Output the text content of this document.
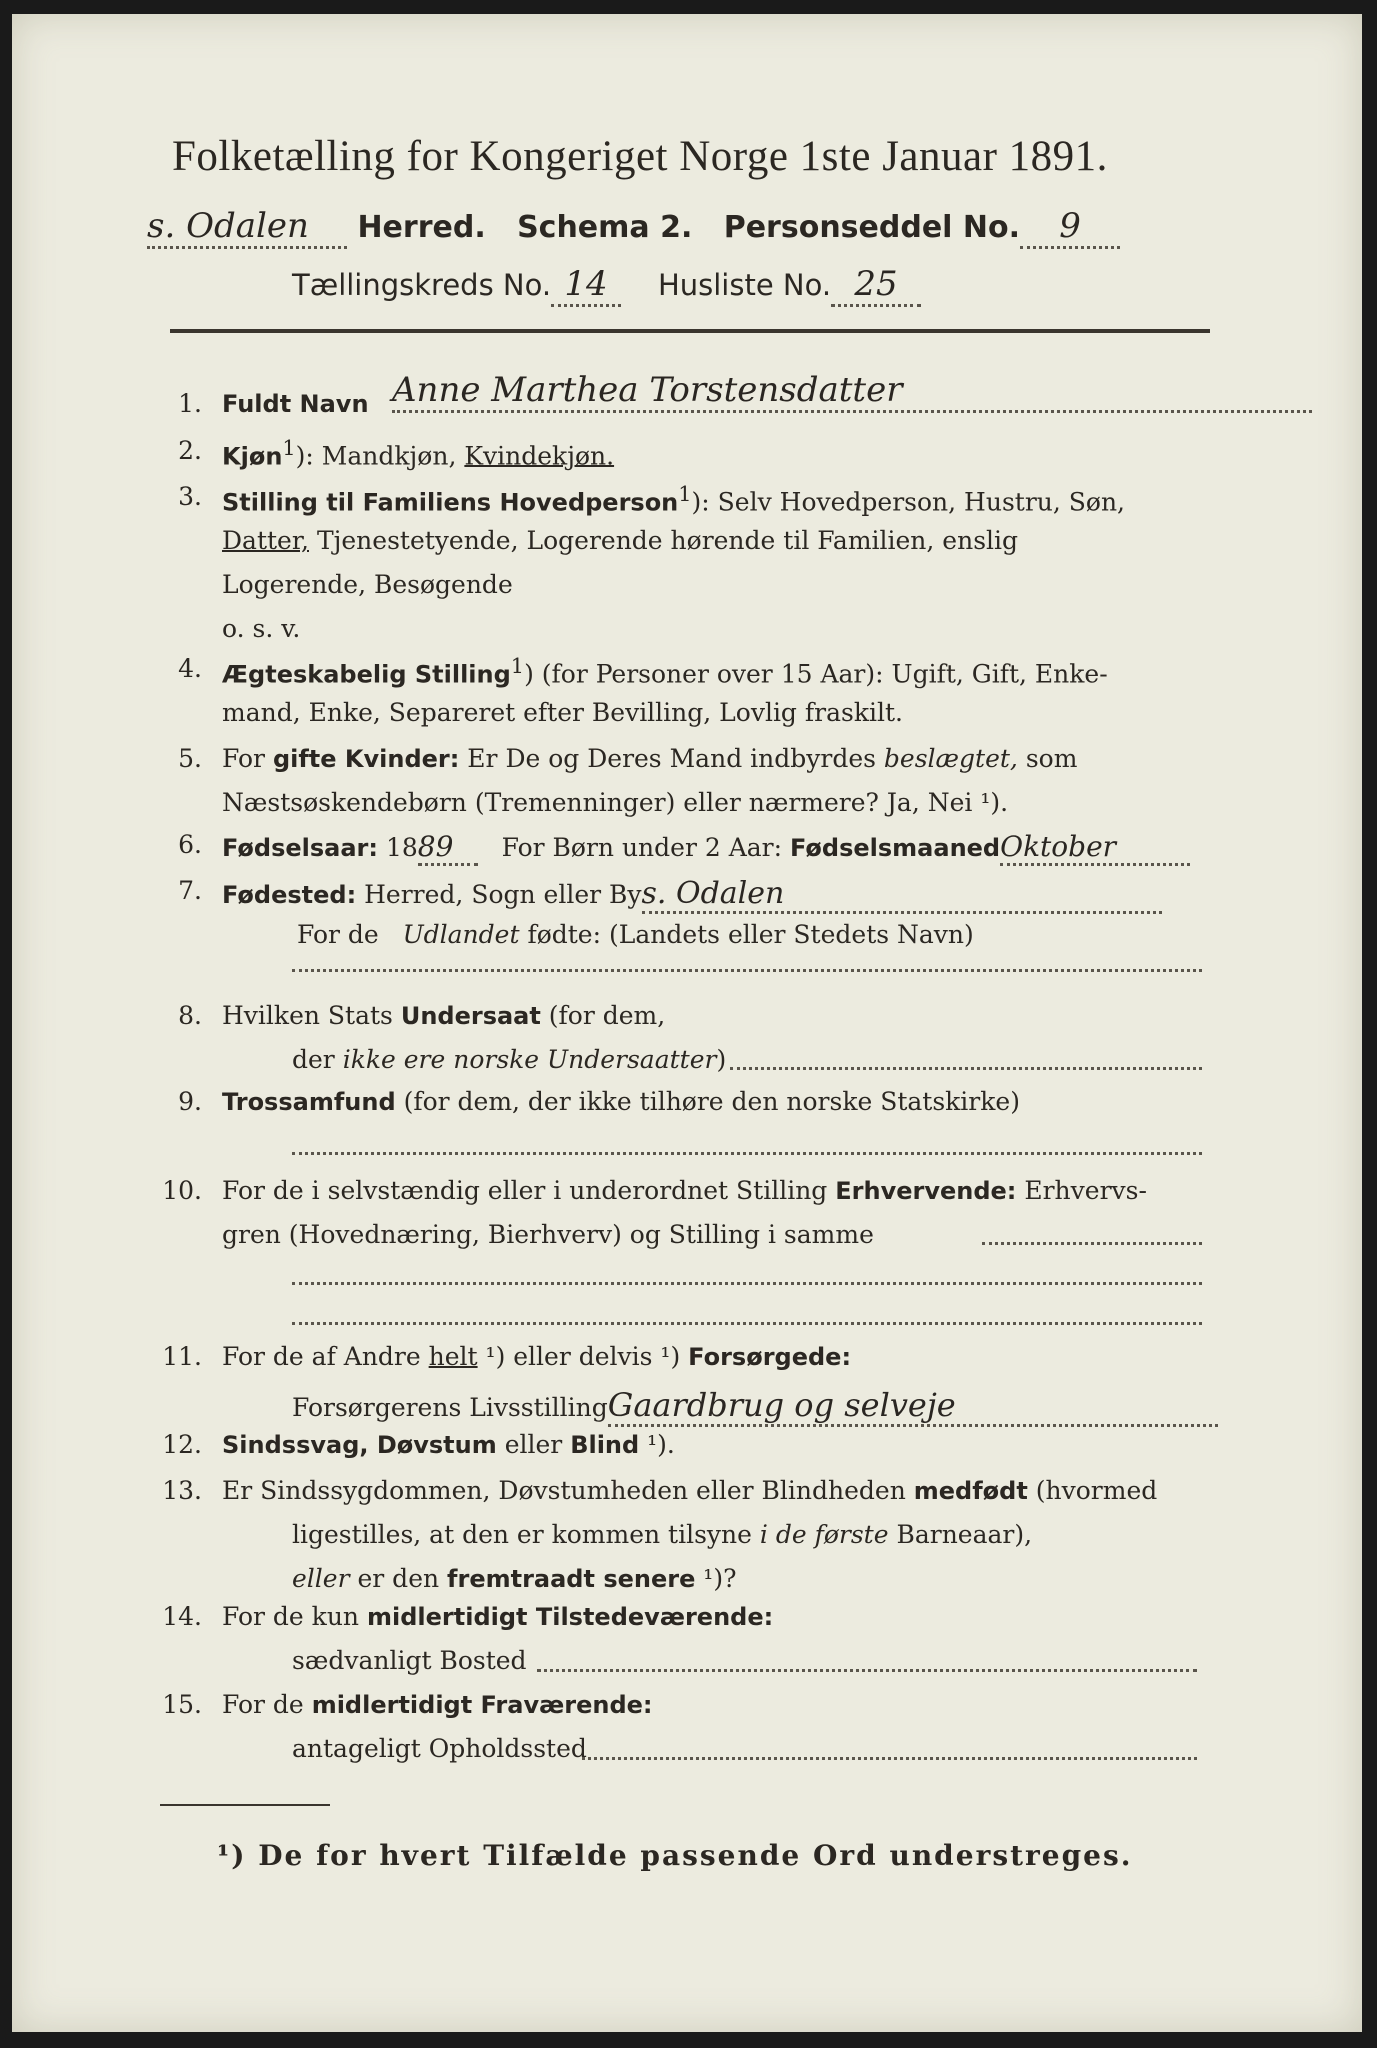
Folketælling for Kongeriget Norge 1ste Januar 1891.
s. Odalen Herred. Schema 2. Personseddel No. 9
Tællingskreds No. 14 Husliste No. 25
1. Fuldt Navn Anne Marthea Torstensdatter
2. Kjøn$^1$): Mandkjøn, Kvindekjøn.
3. Stilling til Familiens Hovedperson$^1$): Selv Hovedperson, Hustru, Søn,
Datter, Tjenestetyende, Logerende hørende til Familien, enslig
Logerende, Besøgende
o. s. v.
4. Ægteskabelig Stilling$^1$) (for Personer over 15 Aar): Ugift, Gift, Enke-
mand, Enke, Separeret efter Bevilling, Lovlig fraskilt.
5. For gifte Kvinder: Er De og Deres Mand indbyrdes beslægtet, som
Næstsøskendebørn (Tremenninger) eller nærmere? Ja, Nei ¹).
6. Fødselsaar: 1889 For Børn under 2 Aar: FødselsmaanedOktober
7. Fødested: Herred, Sogn eller Bys. Odalen
For de Udlandet fødte: (Landets eller Stedets Navn)
8. Hvilken Stats Undersaat (for dem,
der ikke ere norske Undersaatter)
9. Trossamfund (for dem, der ikke tilhøre den norske Statskirke)
10. For de i selvstændig eller i underordnet Stilling Erhvervende: Erhvervs-
gren (Hovednæring, Bierhverv) og Stilling i samme
11. For de af Andre helt ¹) eller delvis ¹) Forsørgede:
Forsørgerens LivsstillingGaardbrug og selveje
12. Sindssvag, Døvstum eller Blind ¹).
13. Er Sindssygdommen, Døvstumheden eller Blindheden medfødt (hvormed
ligestilles, at den er kommen tilsyne i de første Barneaar),
eller er den fremtraadt senere ¹)?
14. For de kun midlertidigt Tilstedeværende:
sædvanligt Bosted
15. For de midlertidigt Fraværende:
antageligt Opholdssted
¹) De for hvert Tilfælde passende Ord understreges.
